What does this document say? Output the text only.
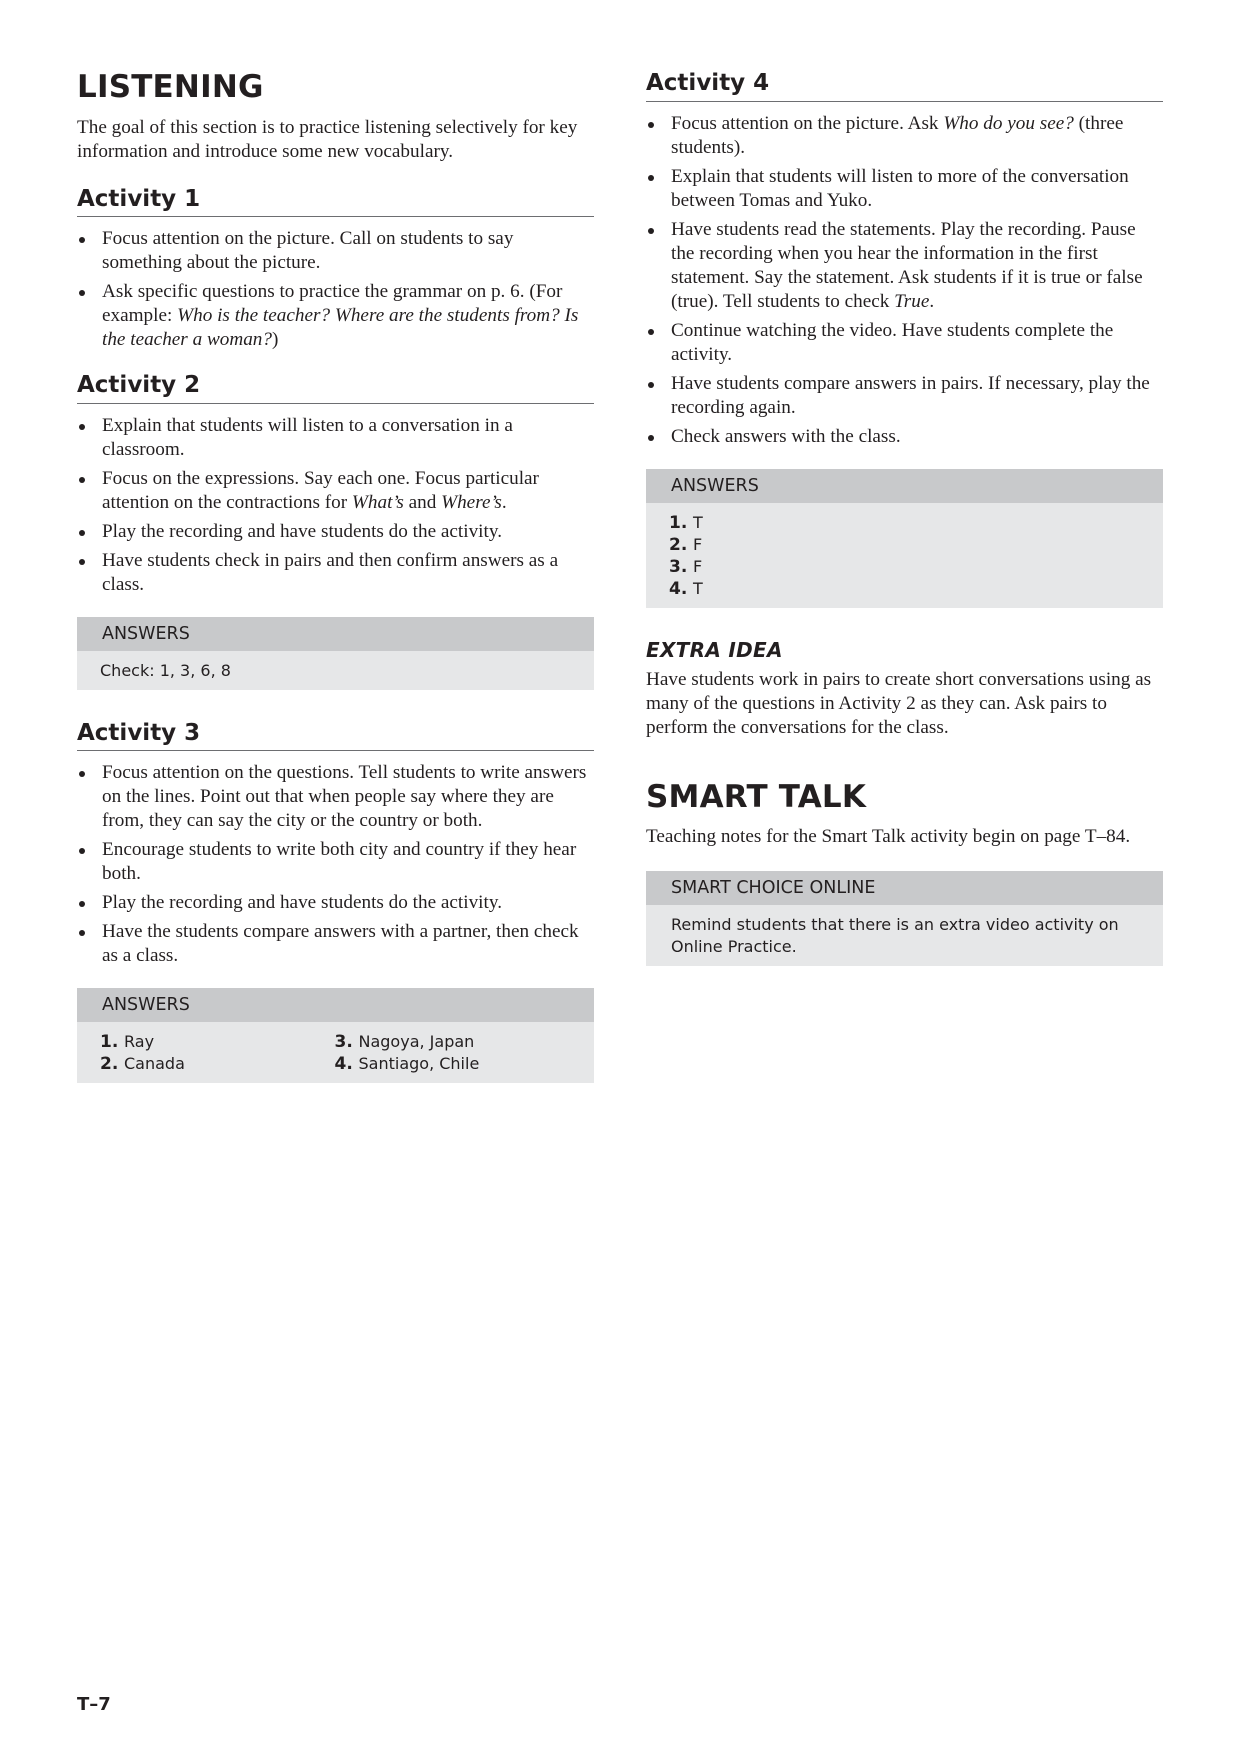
LISTENING

The goal of this section is to practice listening selectively for key information and introduce some new vocabulary.

Activity 1
Focus attention on the picture. Call on students to say something about the picture.
Ask specific questions to practice the grammar on p. 6. (For example: Who is the teacher? Where are the students from? Is the teacher a woman?)
Activity 2
Explain that students will listen to a conversation in a classroom.
Focus on the expressions. Say each one. Focus particular attention on the contractions for What’s and Where’s.
Play the recording and have students do the activity.
Have students check in pairs and then confirm answers as a class.
ANSWERS
Check: 1, 3, 6, 8
Activity 3
Focus attention on the questions. Tell students to write answers on the lines. Point out that when people say where they are from, they can say the city or the country or both.
Encourage students to write both city and country if they hear both.
Play the recording and have students do the activity.
Have the students compare answers with a partner, then check as a class.
ANSWERS
1. Ray
2. Canada
3. Nagoya, Japan
4. Santiago, Chile
Activity 4
Focus attention on the picture. Ask Who do you see? (three students).
Explain that students will listen to more of the conversation between Tomas and Yuko.
Have students read the statements. Play the recording. Pause the recording when you hear the information in the first statement. Say the statement. Ask students if it is true or false (true). Tell students to check True.
Continue watching the video. Have students complete the activity.
Have students compare answers in pairs. If necessary, play the recording again.
Check answers with the class.
ANSWERS
1. T
2. F
3. F
4. T
EXTRA IDEA

Have students work in pairs to create short conversations using as many of the questions in Activity 2 as they can. Ask pairs to perform the conversations for the class.

SMART TALK

Teaching notes for the Smart Talk activity begin on page T–84.

SMART CHOICE ONLINE
Remind students that there is an extra video activity on Online Practice.
T–7
